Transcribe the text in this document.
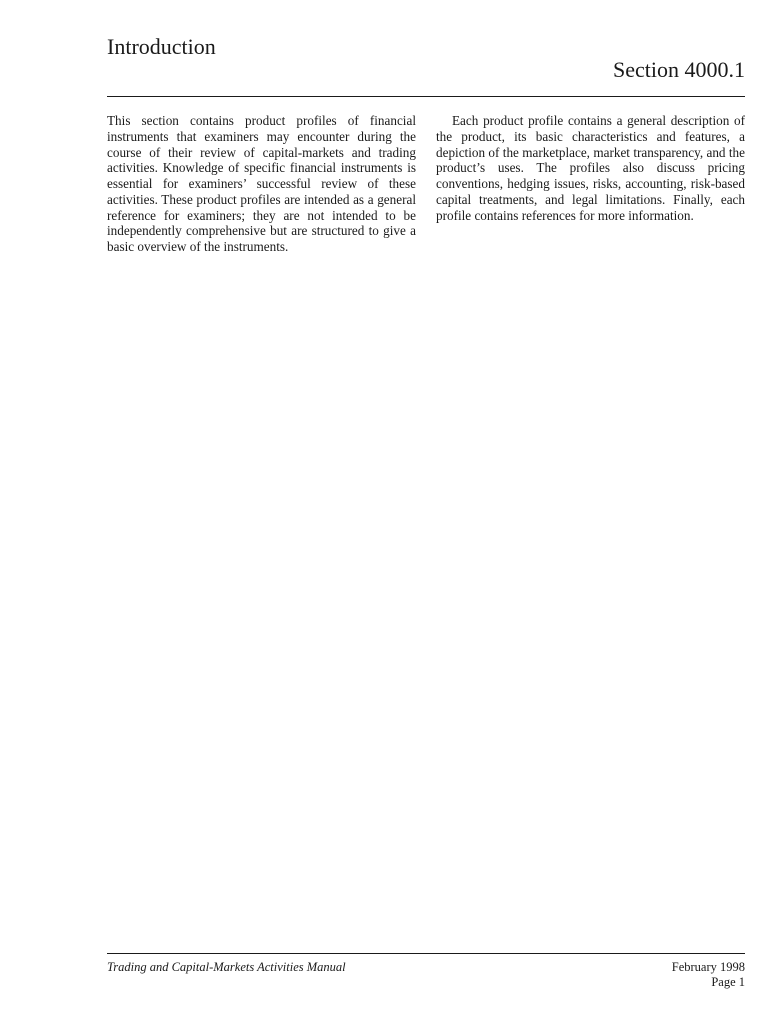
Introduction
Section 4000.1

This section contains product profiles of financial instruments that examiners may encounter during the course of their review of capital-markets and trading activities. Knowledge of specific financial instruments is essential for examiners’ successful review of these activities. These product profiles are intended as a general reference for examiners; they are not intended to be independently comprehensive but are structured to give a basic overview of the instruments.

Each product profile contains a general description of the product, its basic characteristics and features, a depiction of the marketplace, market transparency, and the product’s uses. The profiles also discuss pricing conventions, hedging issues, risks, accounting, risk-based capital treatments, and legal limitations. Finally, each profile contains references for more information.

Trading and Capital-Markets Activities Manual	February 1998
Page 1
